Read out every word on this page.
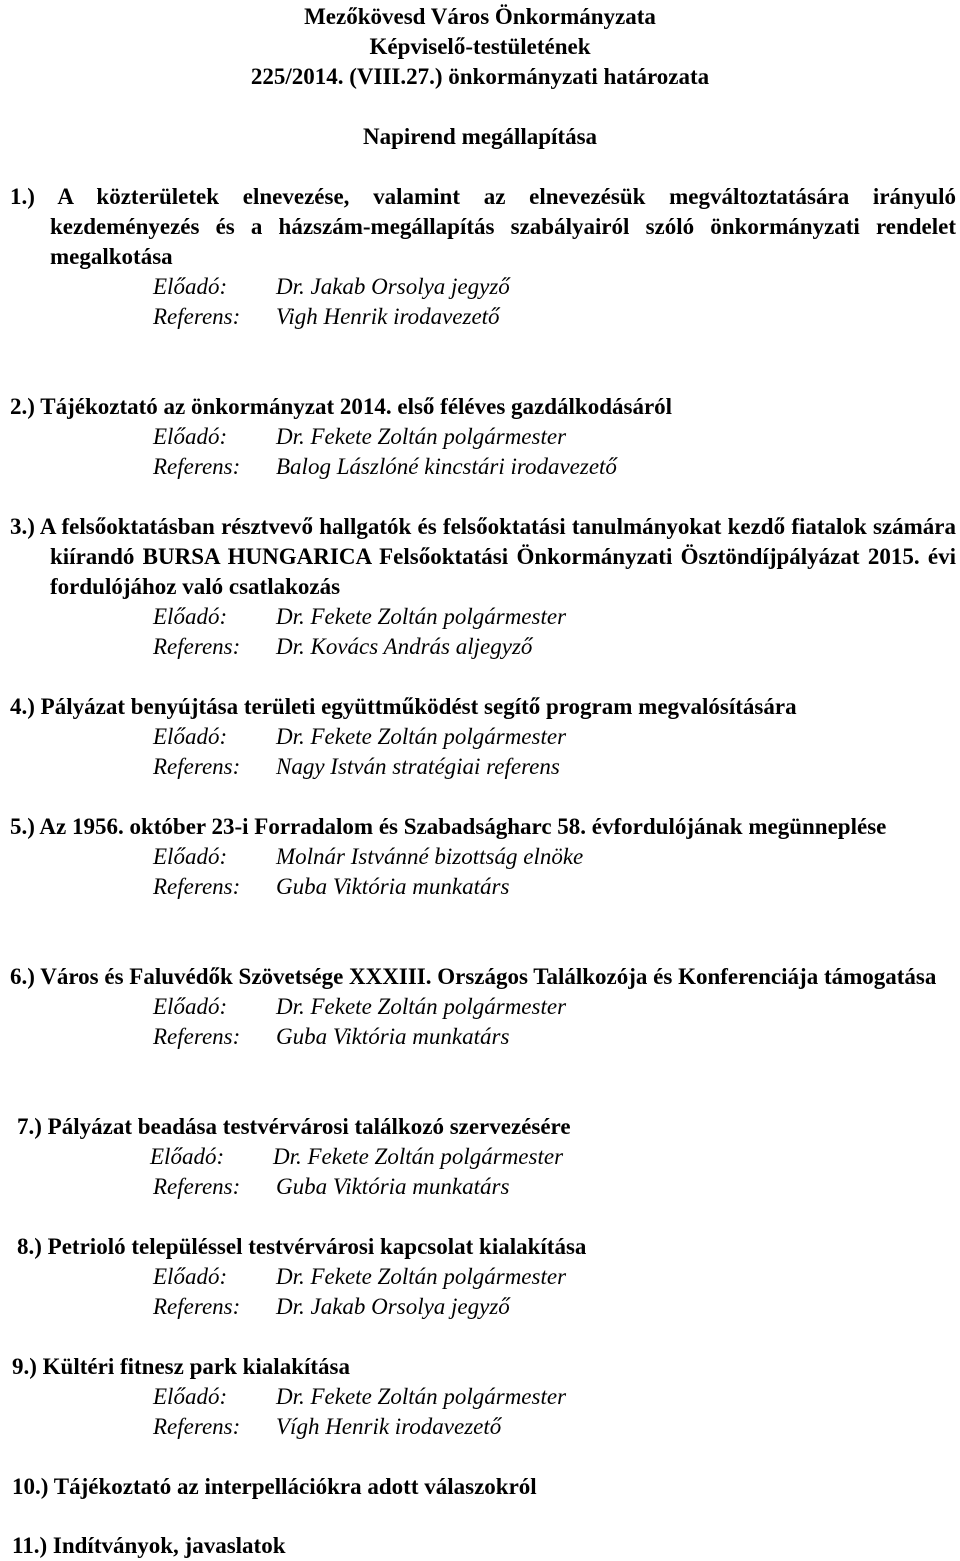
Mezőkövesd Város Önkormányzata
Képviselő-testületének
225/2014. (VIII.27.) önkormányzati határozata
Napirend megállapítása

1.) A közterületek elnevezése, valamint az elnevezésük megváltoztatására irányuló kezdeményezés és a házszám-megállapítás szabályairól szóló önkormányzati rendelet megalkotása

Előadó: Dr. Jakab Orsolya jegyző
Referens: Vigh Henrik irodavezető

2.) Tájékoztató az önkormányzat 2014. első féléves gazdálkodásáról

Előadó: Dr. Fekete Zoltán polgármester
Referens: Balog Lászlóné kincstári irodavezető

3.) A felsőoktatásban résztvevő hallgatók és felsőoktatási tanulmányokat kezdő fiatalok számára kiírandó BURSA HUNGARICA Felsőoktatási Önkormányzati Ösztöndíjpályázat 2015. évi fordulójához való csatlakozás

Előadó: Dr. Fekete Zoltán polgármester
Referens: Dr. Kovács András aljegyző

4.) Pályázat benyújtása területi együttműködést segítő program megvalósítására

Előadó: Dr. Fekete Zoltán polgármester
Referens: Nagy István stratégiai referens

5.) Az 1956. október 23-i Forradalom és Szabadságharc 58. évfordulójának megünneplése

Előadó: Molnár Istvánné bizottság elnöke
Referens: Guba Viktória munkatárs

6.) Város és Faluvédők Szövetsége XXXIII. Országos Találkozója és Konferenciája támogatása

Előadó: Dr. Fekete Zoltán polgármester
Referens: Guba Viktória munkatárs

7.) Pályázat beadása testvérvárosi találkozó szervezésére

Előadó: Dr. Fekete Zoltán polgármester
Referens: Guba Viktória munkatárs

8.) Petrioló településsel testvérvárosi kapcsolat kialakítása

Előadó: Dr. Fekete Zoltán polgármester
Referens: Dr. Jakab Orsolya jegyző

9.) Kültéri fitnesz park kialakítása

Előadó: Dr. Fekete Zoltán polgármester
Referens: Vígh Henrik irodavezető

10.) Tájékoztató az interpellációkra adott válaszokról

11.) Indítványok, javaslatok
